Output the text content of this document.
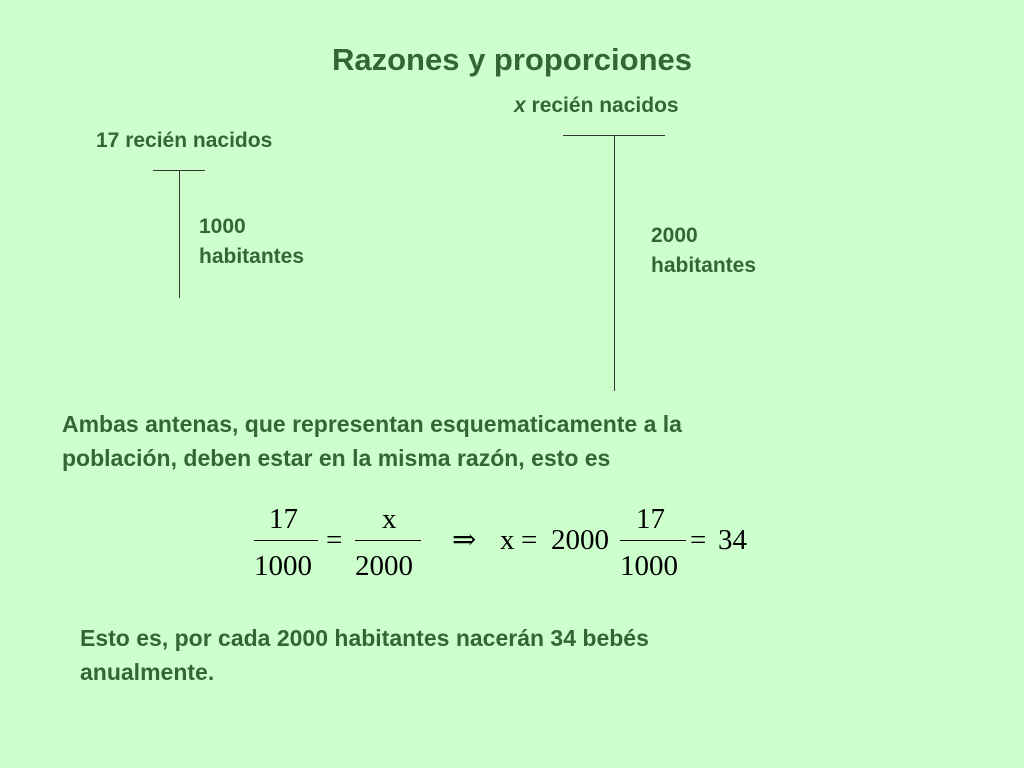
Razones y proporciones
17 recién nacidos
1000
habitantes
x recién nacidos
2000
habitantes
Ambas antenas, que representan esquematicamente a la
población, deben estar en la misma razón, esto es
17
1000
=
x
2000
⇒ x = 2000
17
1000
= 34
Esto es, por cada 2000 habitantes nacerán 34 bebés
anualmente.
